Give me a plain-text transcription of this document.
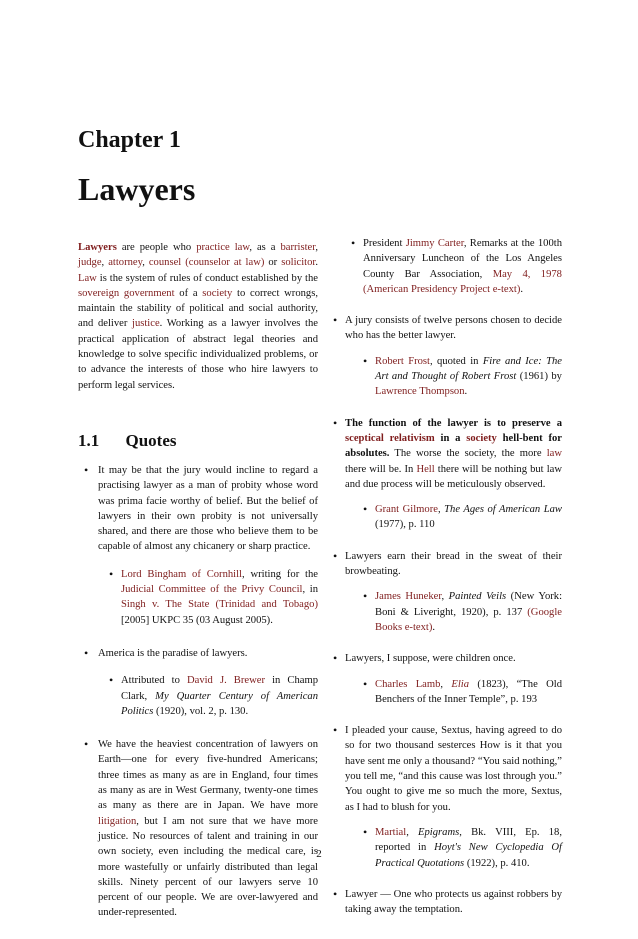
Chapter 1
Lawyers

Lawyers are people who practice law, as a barrister, judge, attorney, counsel (counselor at law) or solicitor. Law is the system of rules of conduct established by the sovereign government of a society to correct wrongs, maintain the stability of political and social authority, and deliver justice. Working as a lawyer involves the practical application of abstract legal theories and knowledge to solve specific individualized problems, or to advance the interests of those who hire lawyers to perform legal services.

1.1 Quotes

• It may be that the jury would incline to regard a practising lawyer as a man of probity whose word was prima facie worthy of belief. But the belief of lawyers in their own probity is not universally shared, and there are those who believe them to be capable of almost any chicanery or sharp practice.

• Lord Bingham of Cornhill, writing for the Judicial Committee of the Privy Council, in Singh v. The State (Trinidad and Tobago) [2005] UKPC 35 (03 August 2005).

• America is the paradise of lawyers.

• Attributed to David J. Brewer in Champ Clark, My Quarter Century of American Politics (1920), vol. 2, p. 130.

• We have the heaviest concentration of lawyers on Earth—one for every five-hundred Americans; three times as many as are in England, four times as many as are in West Germany, twenty-one times as many as there are in Japan. We have more litigation, but I am not sure that we have more justice. No resources of talent and training in our own society, even including the medical care, is more wastefully or unfairly distributed than legal skills. Ninety percent of our lawyers serve 10 percent of our people. We are over-lawyered and under-represented.

• President Jimmy Carter, Remarks at the 100th Anniversary Luncheon of the Los Angeles County Bar Association, May 4, 1978 (American Presidency Project e-text).

• A jury consists of twelve persons chosen to decide who has the better lawyer.

• Robert Frost, quoted in Fire and Ice: The Art and Thought of Robert Frost (1961) by Lawrence Thompson.

• The function of the lawyer is to preserve a sceptical relativism in a society hell-bent for absolutes. The worse the society, the more law there will be. In Hell there will be nothing but law and due process will be meticulously observed.

• Grant Gilmore, The Ages of American Law (1977), p. 110

• Lawyers earn their bread in the sweat of their browbeating.

• James Huneker, Painted Veils (New York: Boni & Liveright, 1920), p. 137 (Google Books e-text).

• Lawyers, I suppose, were children once.

• Charles Lamb, Elia (1823), “The Old Benchers of the Inner Temple”, p. 193

• I pleaded your cause, Sextus, having agreed to do so for two thousand sesterces How is it that you have sent me only a thousand? “You said nothing,” you tell me, “and this cause was lost through you.” You ought to give me so much the more, Sextus, as I had to blush for you.

• Martial, Epigrams, Bk. VIII, Ep. 18, reported in Hoyt's New Cyclopedia Of Practical Quotations (1922), p. 410.

• Lawyer — One who protects us against robbers by taking away the temptation.

2
